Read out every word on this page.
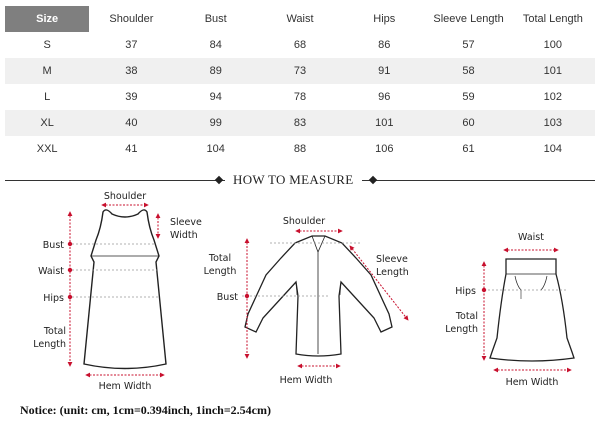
Size	Shoulder	Bust	Waist	Hips	Sleeve Length	Total Length
S	37	84	68	86	57	100
M	38	89	73	91	58	101
L	39	94	78	96	59	102
XL	40	99	83	101	60	103
XXL	41	104	88	106	61	104
HOW TO MEASURE
Shoulder
Sleeve
Width
Bust
Waist
Hips
Total
Length
Hem Width
Shoulder
Total
Length
Sleeve
Length
Bust
Hem Width
Waist
Hips
Total
Length
Hem Width
Notice: (unit: cm, 1cm=0.394inch, 1inch=2.54cm)
